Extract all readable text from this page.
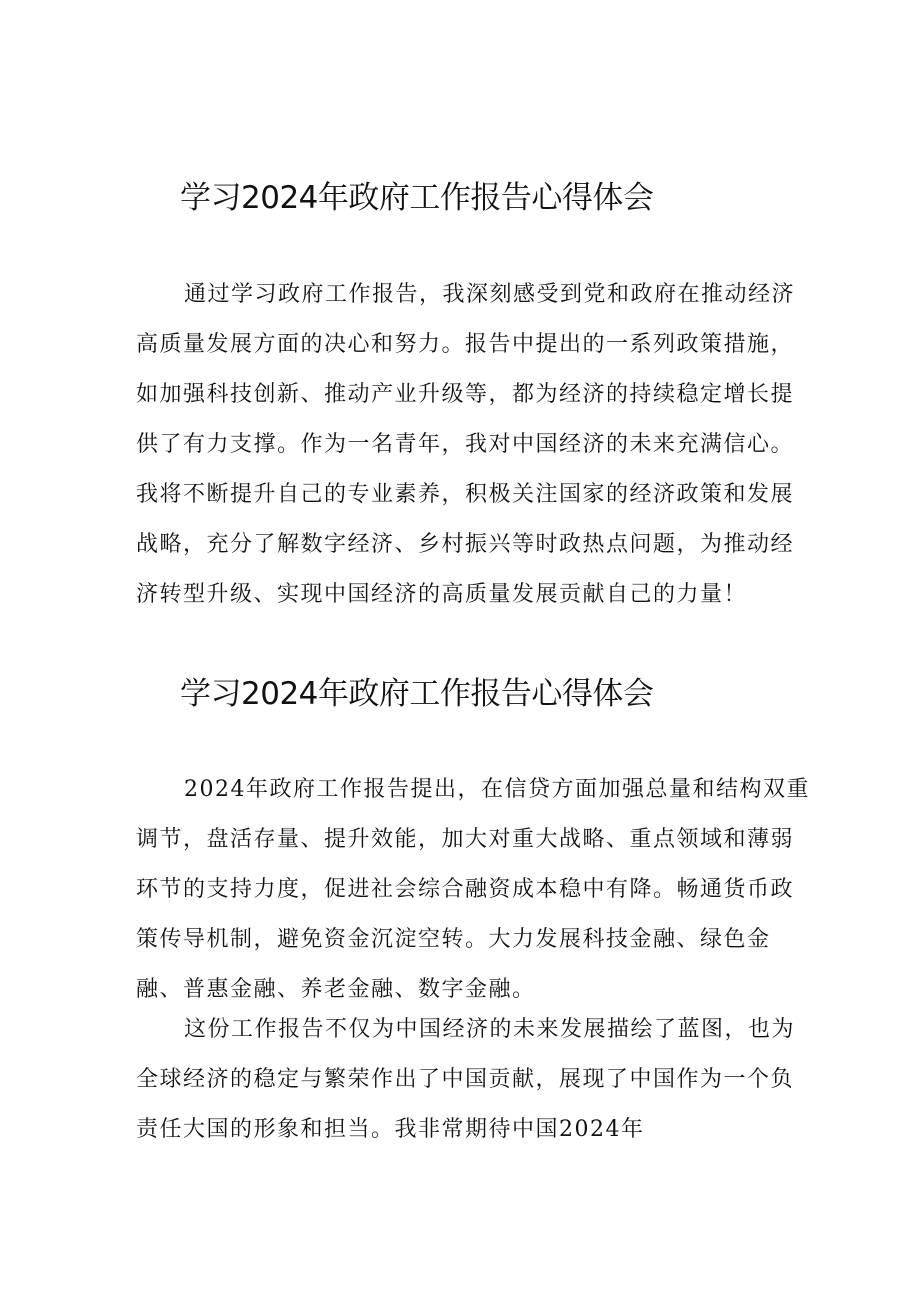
学习2024年政府工作报告心得体会

通过学习政府工作报告，我深刻感受到党和政府在推动经济高质量发展方面的决心和努力。报告中提出的一系列政策措施，如加强科技创新、推动产业升级等，都为经济的持续稳定增长提供了有力支撑。作为一名青年，我对中国经济的未来充满信心。我将不断提升自己的专业素养，积极关注国家的经济政策和发展战略，充分了解数字经济、乡村振兴等时政热点问题，为推动经济转型升级、实现中国经济的高质量发展贡献自己的力量！

学习2024年政府工作报告心得体会

2024年政府工作报告提出，在信贷方面加强总量和结构双重调节，盘活存量、提升效能，加大对重大战略、重点领域和薄弱环节的支持力度，促进社会综合融资成本稳中有降。畅通货币政策传导机制，避免资金沉淀空转。大力发展科技金融、绿色金融、普惠金融、养老金融、数字金融。

这份工作报告不仅为中国经济的未来发展描绘了蓝图，也为全球经济的稳定与繁荣作出了中国贡献，展现了中国作为一个负责任大国的形象和担当。我非常期待中国2024年
